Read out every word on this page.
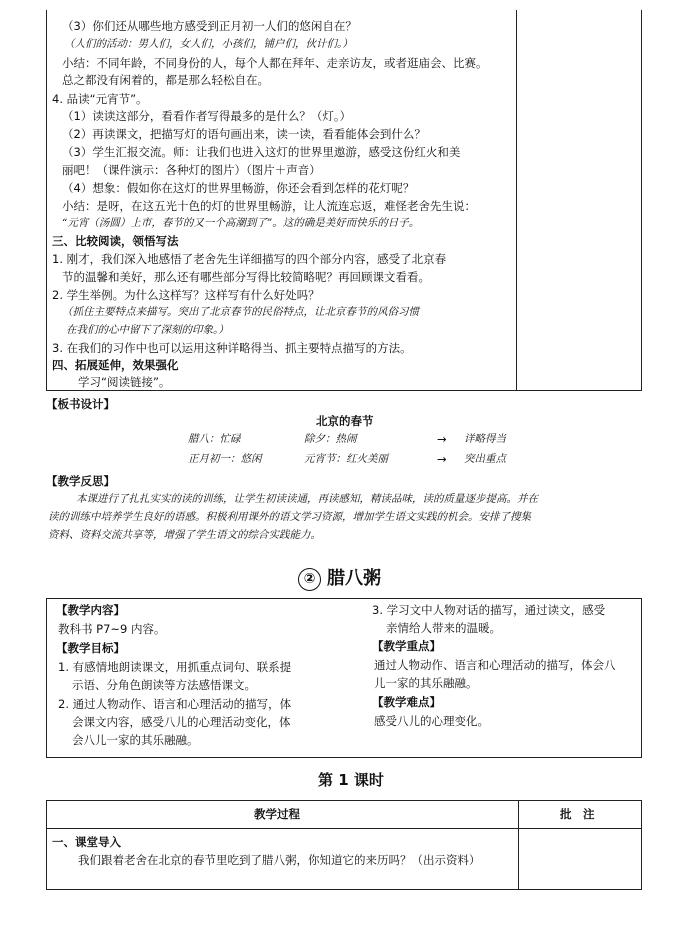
（3）你们还从哪些地方感受到正月初一人们的悠闲自在？
（人们的活动：男人们，女人们，小孩们，铺户们，伙计们。）
小结：不同年龄，不同身份的人，每个人都在拜年、走亲访友，或者逛庙会、比赛。
总之都没有闲着的，都是那么轻松自在。
4. 品读“元宵节”。
（1）读读这部分，看看作者写得最多的是什么？（灯。）
（2）再读课文，把描写灯的语句画出来，读一读，看看能体会到什么？
（3）学生汇报交流。师：让我们也进入这灯的世界里遨游，感受这份红火和美
丽吧！（课件演示：各种灯的图片）（图片＋声音）
（4）想象：假如你在这灯的世界里畅游，你还会看到怎样的花灯呢？
小结：是呀，在这五光十色的灯的世界里畅游，让人流连忘返，难怪老舍先生说：
“元宵（汤圆）上市，春节的又一个高潮到了”。这的确是美好而快乐的日子。
三、比较阅读，领悟写法
1. 刚才，我们深入地感悟了老舍先生详细描写的四个部分内容，感受了北京春
节的温馨和美好，那么还有哪些部分写得比较简略呢？再回顾课文看看。
2. 学生举例。为什么这样写？这样写有什么好处吗？
（抓住主要特点来描写。突出了北京春节的民俗特点，让北京春节的风俗习惯
在我们的心中留下了深刻的印象。）
3. 在我们的习作中也可以运用这种详略得当、抓主要特点描写的方法。
四、拓展延伸，效果强化
学习“阅读链接”。
【板书设计】
北京的春节
腊八：忙碌	除夕：热闹	→ 详略得当
正月初一：悠闲	元宵节：红火美丽	→ 突出重点
【教学反思】
本课进行了扎扎实实的读的训练，让学生初读读通，再读感知，精读品味，读的质量逐步提高。并在
读的训练中培养学生良好的语感。积极利用课外的语文学习资源，增加学生语文实践的机会。安排了搜集
资料、资料交流共享等，增强了学生语文的综合实践能力。
② 腊八粥
【教学内容】
教科书 P7~9 内容。
【教学目标】
1. 有感情地朗读课文，用抓重点词句、联系提
示语、分角色朗读等方法感悟课文。
2. 通过人物动作、语言和心理活动的描写，体
会课文内容，感受八儿的心理活动变化，体
会八儿一家的其乐融融。
3. 学习文中人物对话的描写，通过读文，感受
亲情给人带来的温暖。
【教学重点】
通过人物动作、语言和心理活动的描写，体会八
儿一家的其乐融融。
【教学难点】
感受八儿的心理变化。
第 1 课时
教学过程	批　注
一、课堂导入
我们跟着老舍在北京的春节里吃到了腊八粥，你知道它的来历吗？（出示资料）
